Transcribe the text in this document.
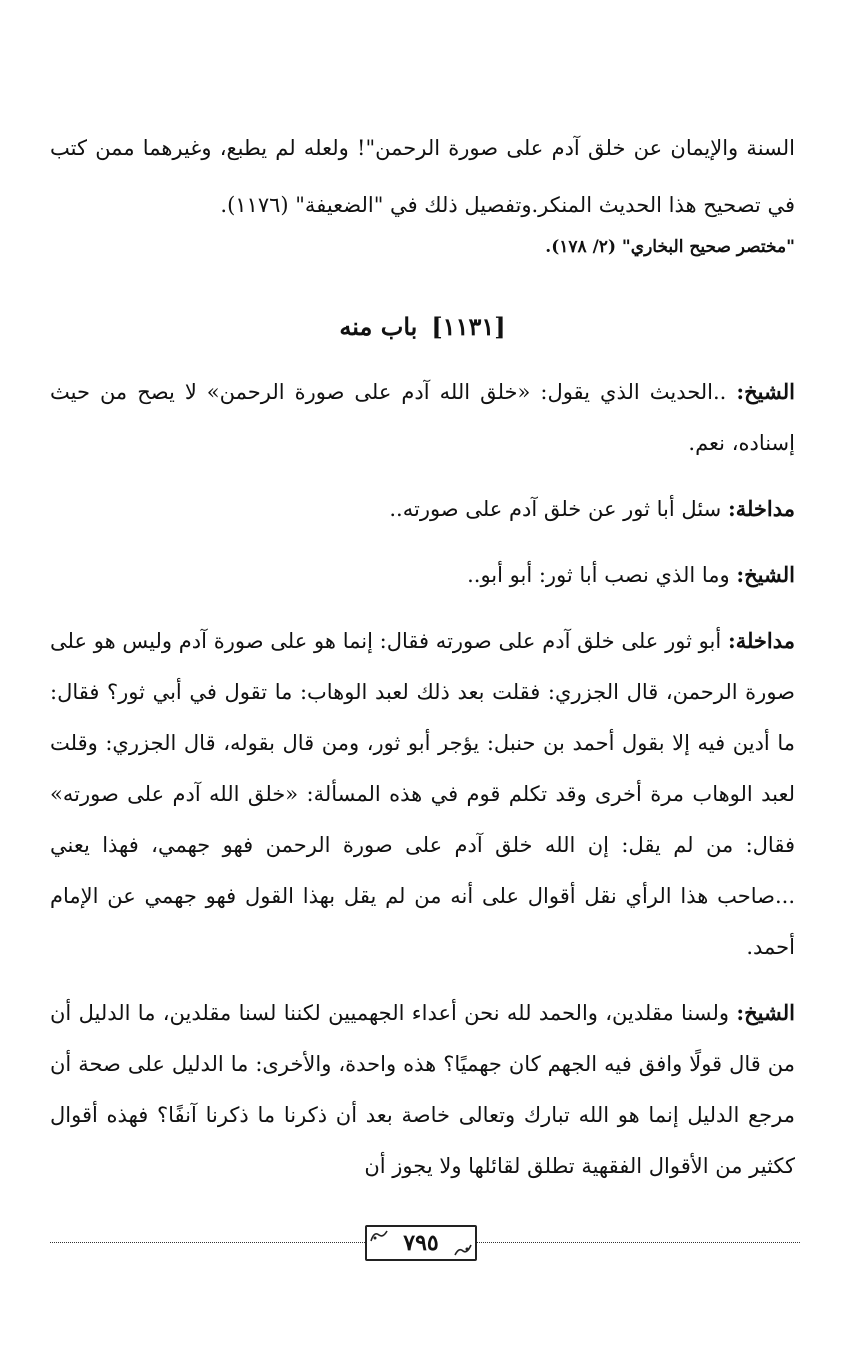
السنة والإيمان عن خلق آدم على صورة الرحمن"! ولعله لم يطبع، وغيرهما ممن كتب في تصحيح هذا الحديث المنكر.وتفصيل ذلك في "الضعيفة" (١١٧٦).

"مختصر صحيح البخاري" (٢/ ١٧٨).

[١١٣١]باب منه

الشيخ: ..الحديث الذي يقول: «خلق الله آدم على صورة الرحمن» لا يصح من حيث إسناده، نعم.

مداخلة: سئل أبا ثور عن خلق آدم على صورته..

الشيخ: وما الذي نصب أبا ثور: أبو أبو..

مداخلة: أبو ثور على خلق آدم على صورته فقال: إنما هو على صورة آدم وليس هو على صورة الرحمن، قال الجزري: فقلت بعد ذلك لعبد الوهاب: ما تقول في أبي ثور؟ فقال: ما أدين فيه إلا بقول أحمد بن حنبل: يؤجر أبو ثور، ومن قال بقوله، قال الجزري: وقلت لعبد الوهاب مرة أخرى وقد تكلم قوم في هذه المسألة: «خلق الله آدم على صورته» فقال: من لم يقل: إن الله خلق آدم على صورة الرحمن فهو جهمي، فهذا يعني ...صاحب هذا الرأي نقل أقوال على أنه من لم يقل بهذا القول فهو جهمي عن الإمام أحمد.

الشيخ: ولسنا مقلدين، والحمد لله نحن أعداء الجهميين لكننا لسنا مقلدين، ما الدليل أن من قال قولًا وافق فيه الجهم كان جهميًا؟ هذه واحدة، والأخرى: ما الدليل على صحة أن مرجع الدليل إنما هو الله تبارك وتعالى خاصة بعد أن ذكرنا ما ذكرنا آنفًا؟ فهذه أقوال ككثير من الأقوال الفقهية تطلق لقائلها ولا يجوز أن

٧٩٥
